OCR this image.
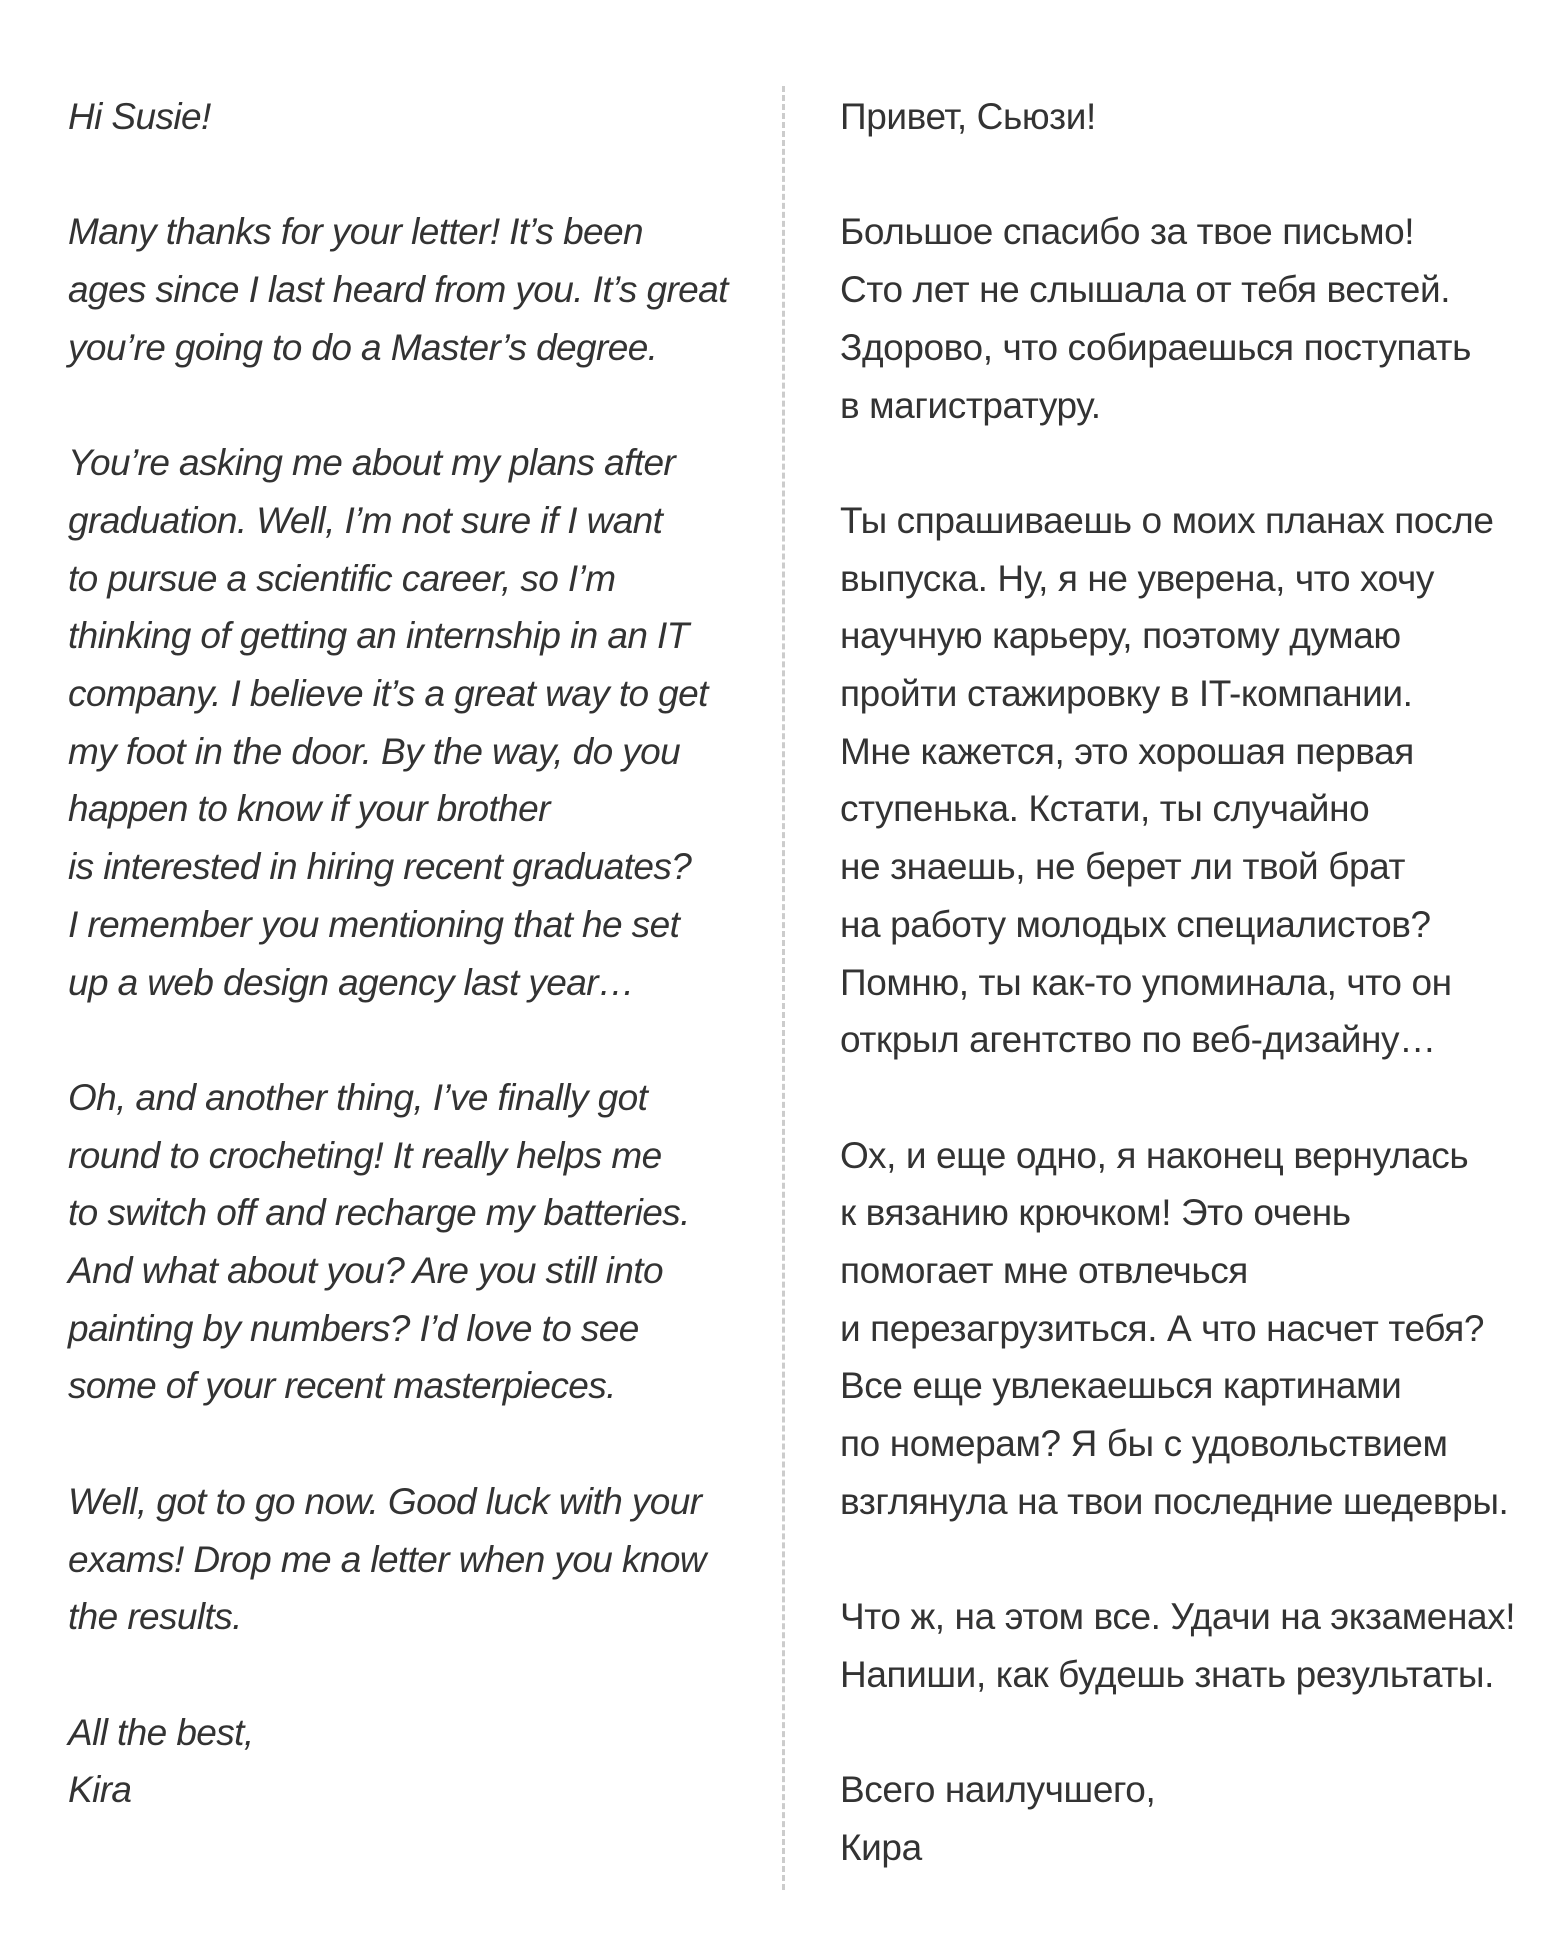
Hi Susie!
Many thanks for your letter! It’s been
ages since I last heard from you. It’s great
you’re going to do a Master’s degree.
You’re asking me about my plans after
graduation. Well, I’m not sure if I want
to pursue a scientific career, so I’m
thinking of getting an internship in an IT
company. I believe it’s a great way to get
my foot in the door. By the way, do you
happen to know if your brother
is interested in hiring recent graduates?
I remember you mentioning that he set
up a web design agency last year…
Oh, and another thing, I’ve finally got
round to crocheting! It really helps me
to switch off and recharge my batteries.
And what about you? Are you still into
painting by numbers? I’d love to see
some of your recent masterpieces.
Well, got to go now. Good luck with your
exams! Drop me a letter when you know
the results.
All the best,
Kira
Привет, Сьюзи!
Большое спасибо за твое письмо!
Сто лет не слышала от тебя вестей.
Здорово, что собираешься поступать
в магистратуру.
Ты спрашиваешь о моих планах после
выпуска. Ну, я не уверена, что хочу
научную карьеру, поэтому думаю
пройти стажировку в IT-компании.
Мне кажется, это хорошая первая
ступенька. Кстати, ты случайно
не знаешь, не берет ли твой брат
на работу молодых специалистов?
Помню, ты как-то упоминала, что он
открыл агентство по веб-дизайну…
Ох, и еще одно, я наконец вернулась
к вязанию крючком! Это очень
помогает мне отвлечься
и перезагрузиться. А что насчет тебя?
Все еще увлекаешься картинами
по номерам? Я бы с удовольствием
взглянула на твои последние шедевры.
Что ж, на этом все. Удачи на экзаменах!
Напиши, как будешь знать результаты.
Всего наилучшего,
Кира
